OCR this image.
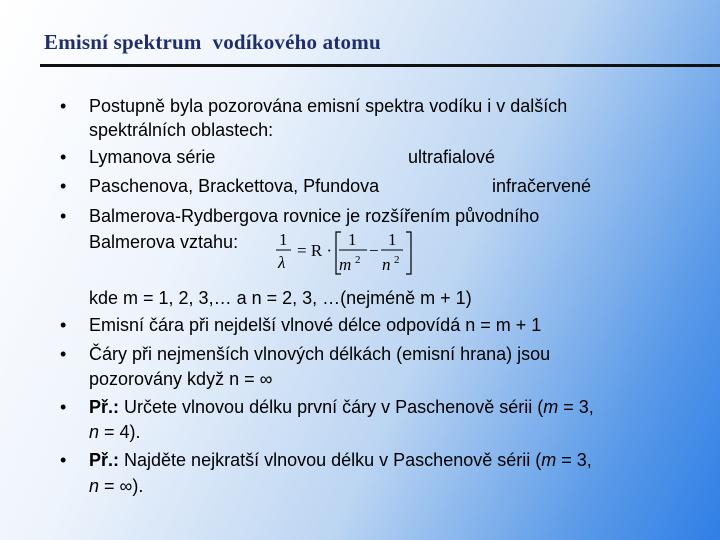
Emisní spektrum  vodíkového atomu
• Postupně byla pozorována emisní spektra vodíku i v dalších
spektrálních oblastech:
• Lymanova série	ultrafialové
• Paschenova, Brackettova, Pfundova	infračervené
• Balmerova-Rydbergova rovnice je rozšířením původního
Balmerova vztahu: 1
λ
= R ·
1
m 2 −
1
n 2
kde m = 1, 2, 3,… a n = 2, 3, …(nejméně m + 1)
• Emisní čára při nejdelší vlnové délce odpovídá n = m + 1
• Čáry při nejmenších vlnových délkách (emisní hrana) jsou
pozorovány když n = ∞
• Př.: Určete vlnovou délku první čáry v Paschenově sérii (m = 3,
n = 4).
• Př.: Najděte nejkratší vlnovou délku v Paschenově sérii (m = 3,
n = ∞).
